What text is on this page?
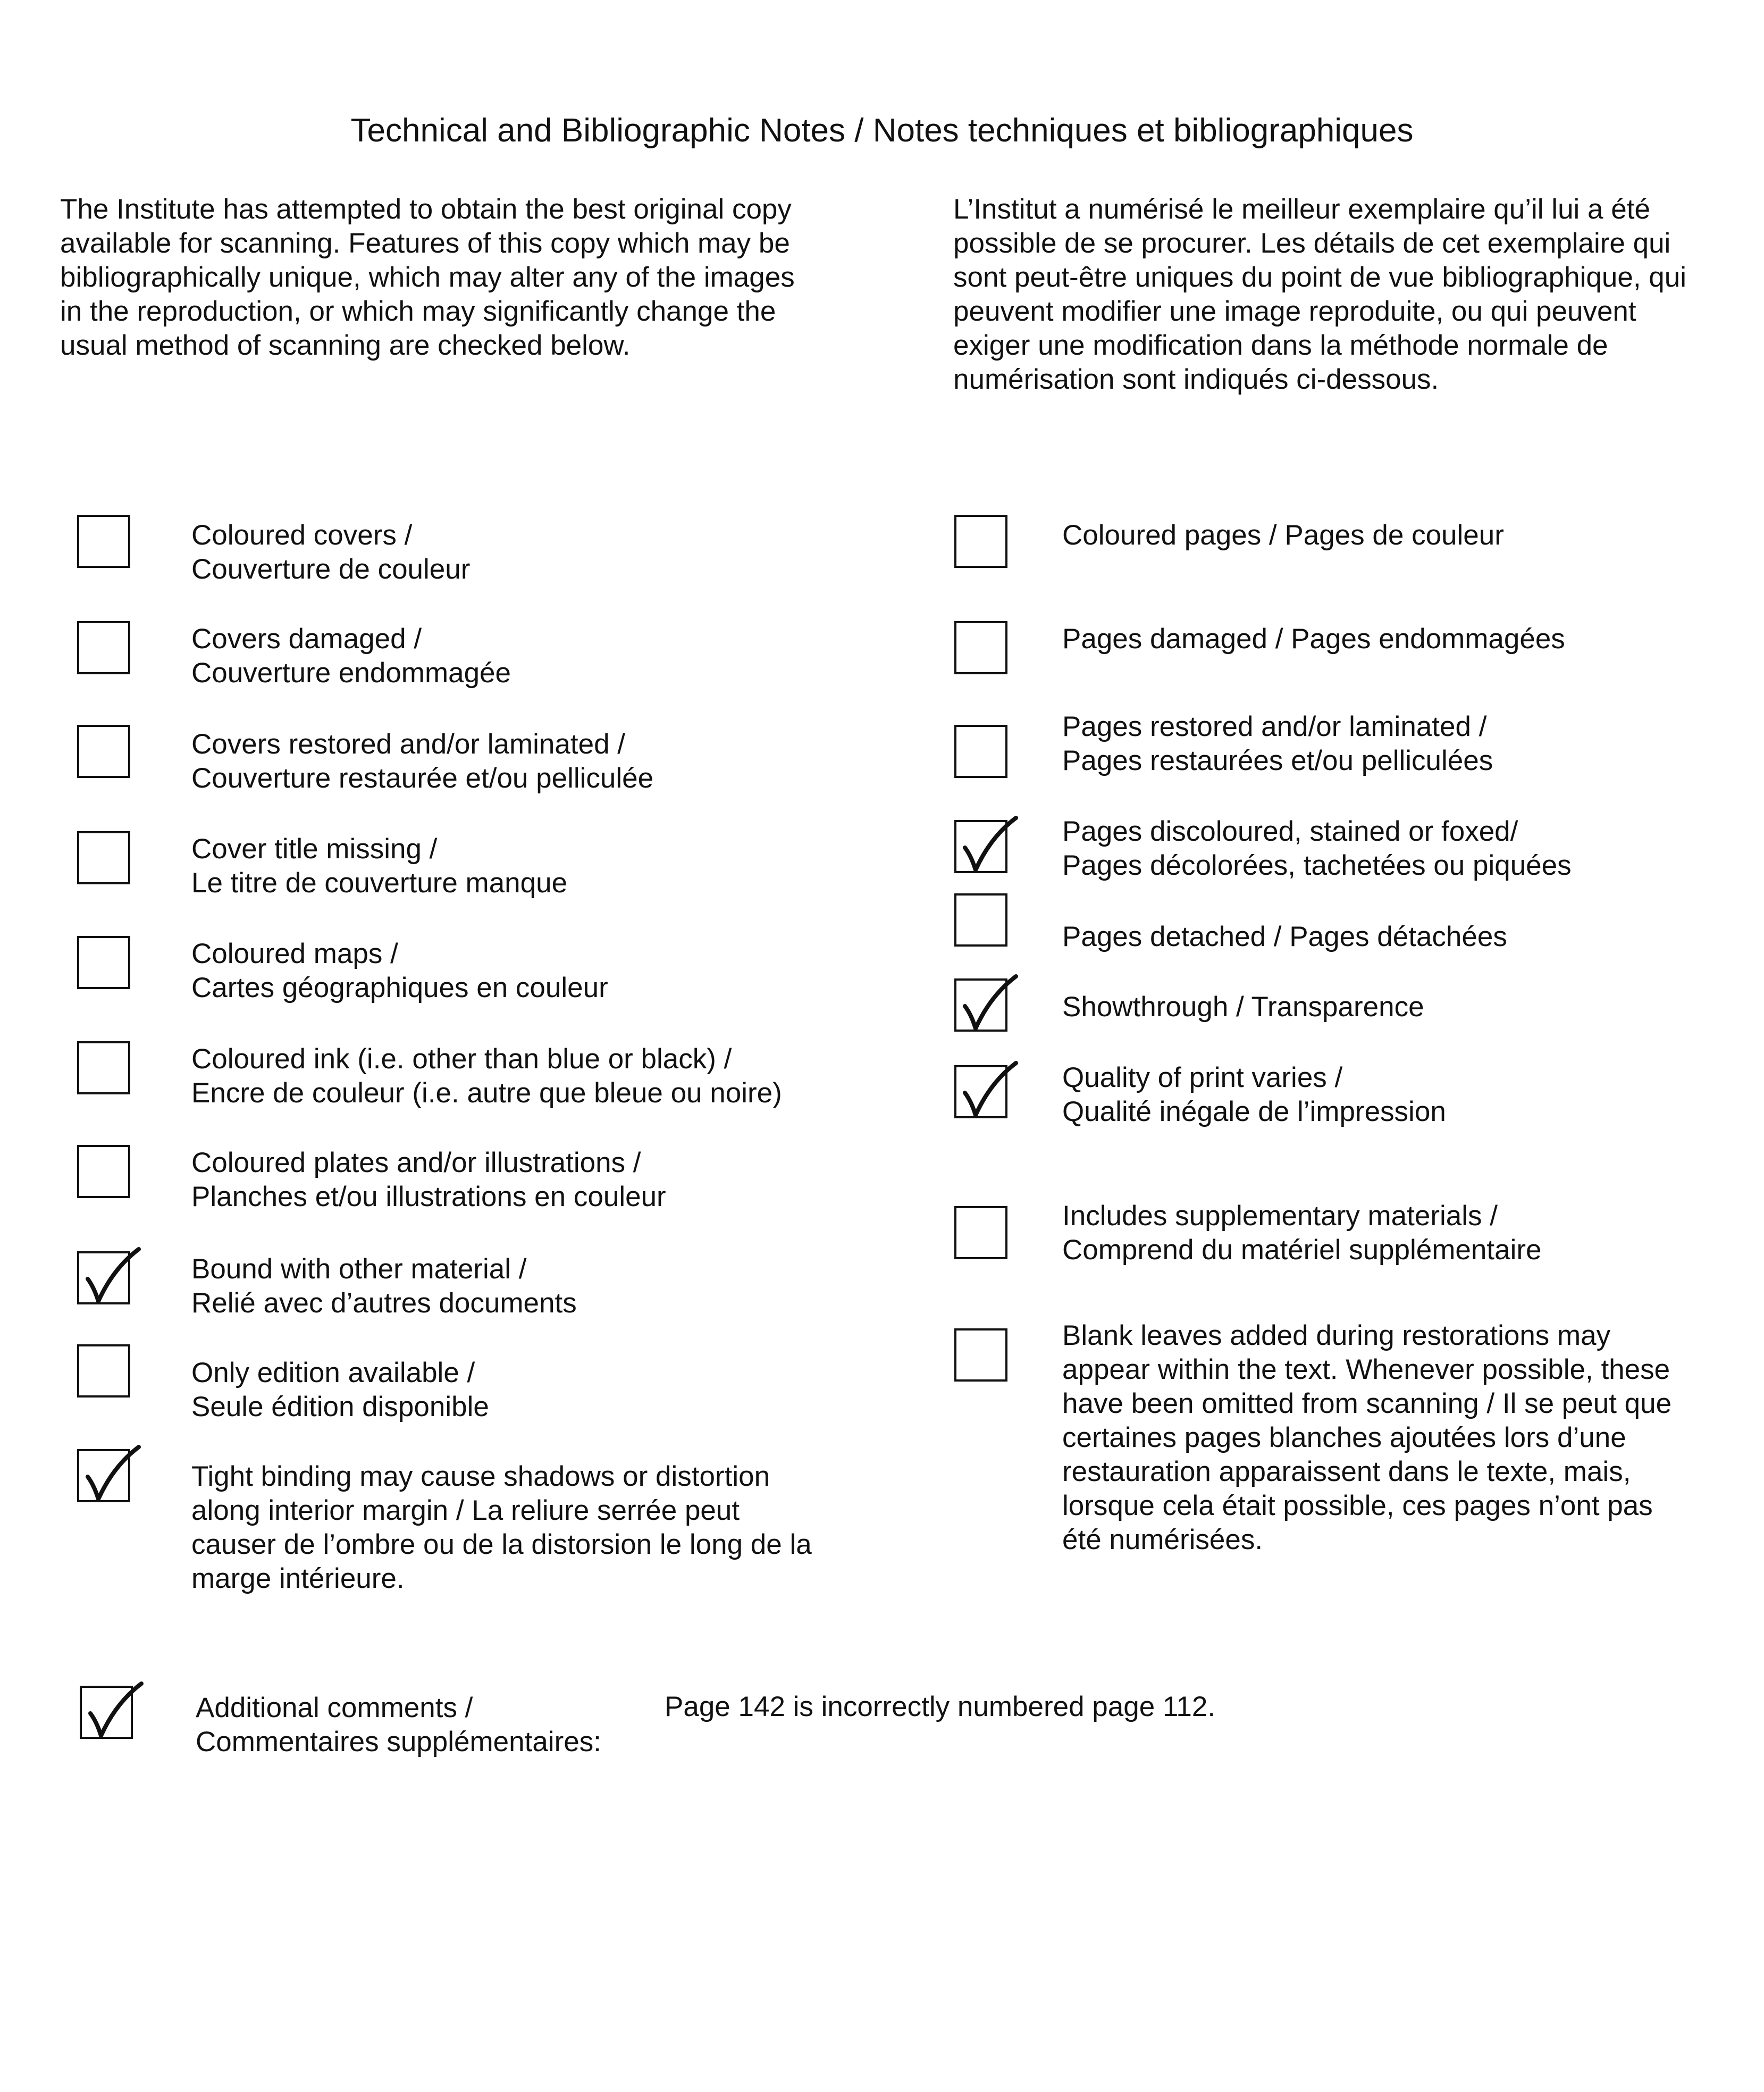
Technical and Bibliographic Notes / Notes techniques et bibliographiques
The Institute has attempted to obtain the best original copy
available for scanning. Features of this copy which may be
bibliographically unique, which may alter any of the images
in the reproduction, or which may significantly change the
usual method of scanning are checked below.
L’Institut a numérisé le meilleur exemplaire qu’il lui a été
possible de se procurer. Les détails de cet exemplaire qui
sont peut-être uniques du point de vue bibliographique, qui
peuvent modifier une image reproduite, ou qui peuvent
exiger une modification dans la méthode normale de
numérisation sont indiqués ci-dessous.
Coloured covers /
Couverture de couleur
Covers damaged /
Couverture endommagée
Covers restored and/or laminated /
Couverture restaurée et/ou pelliculée
Cover title missing /
Le titre de couverture manque
Coloured maps /
Cartes géographiques en couleur
Coloured ink (i.e. other than blue or black) /
Encre de couleur (i.e. autre que bleue ou noire)
Coloured plates and/or illustrations /
Planches et/ou illustrations en couleur
Bound with other material /
Relié avec d’autres documents
Only edition available /
Seule édition disponible
Tight binding may cause shadows or distortion
along interior margin / La reliure serrée peut
causer de l’ombre ou de la distorsion le long de la
marge intérieure.
Coloured pages / Pages de couleur
Pages damaged / Pages endommagées
Pages restored and/or laminated /
Pages restaurées et/ou pelliculées
Pages discoloured, stained or foxed/
Pages décolorées, tachetées ou piquées
Pages detached / Pages détachées
Showthrough / Transparence
Quality of print varies /
Qualité inégale de l’impression
Includes supplementary materials /
Comprend du matériel supplémentaire
Blank leaves added during restorations may
appear within the text. Whenever possible, these
have been omitted from scanning / Il se peut que
certaines pages blanches ajoutées lors d’une
restauration apparaissent dans le texte, mais,
lorsque cela était possible, ces pages n’ont pas
été numérisées.
Additional comments /
Commentaires supplémentaires:
Page 142 is incorrectly numbered page 112.
